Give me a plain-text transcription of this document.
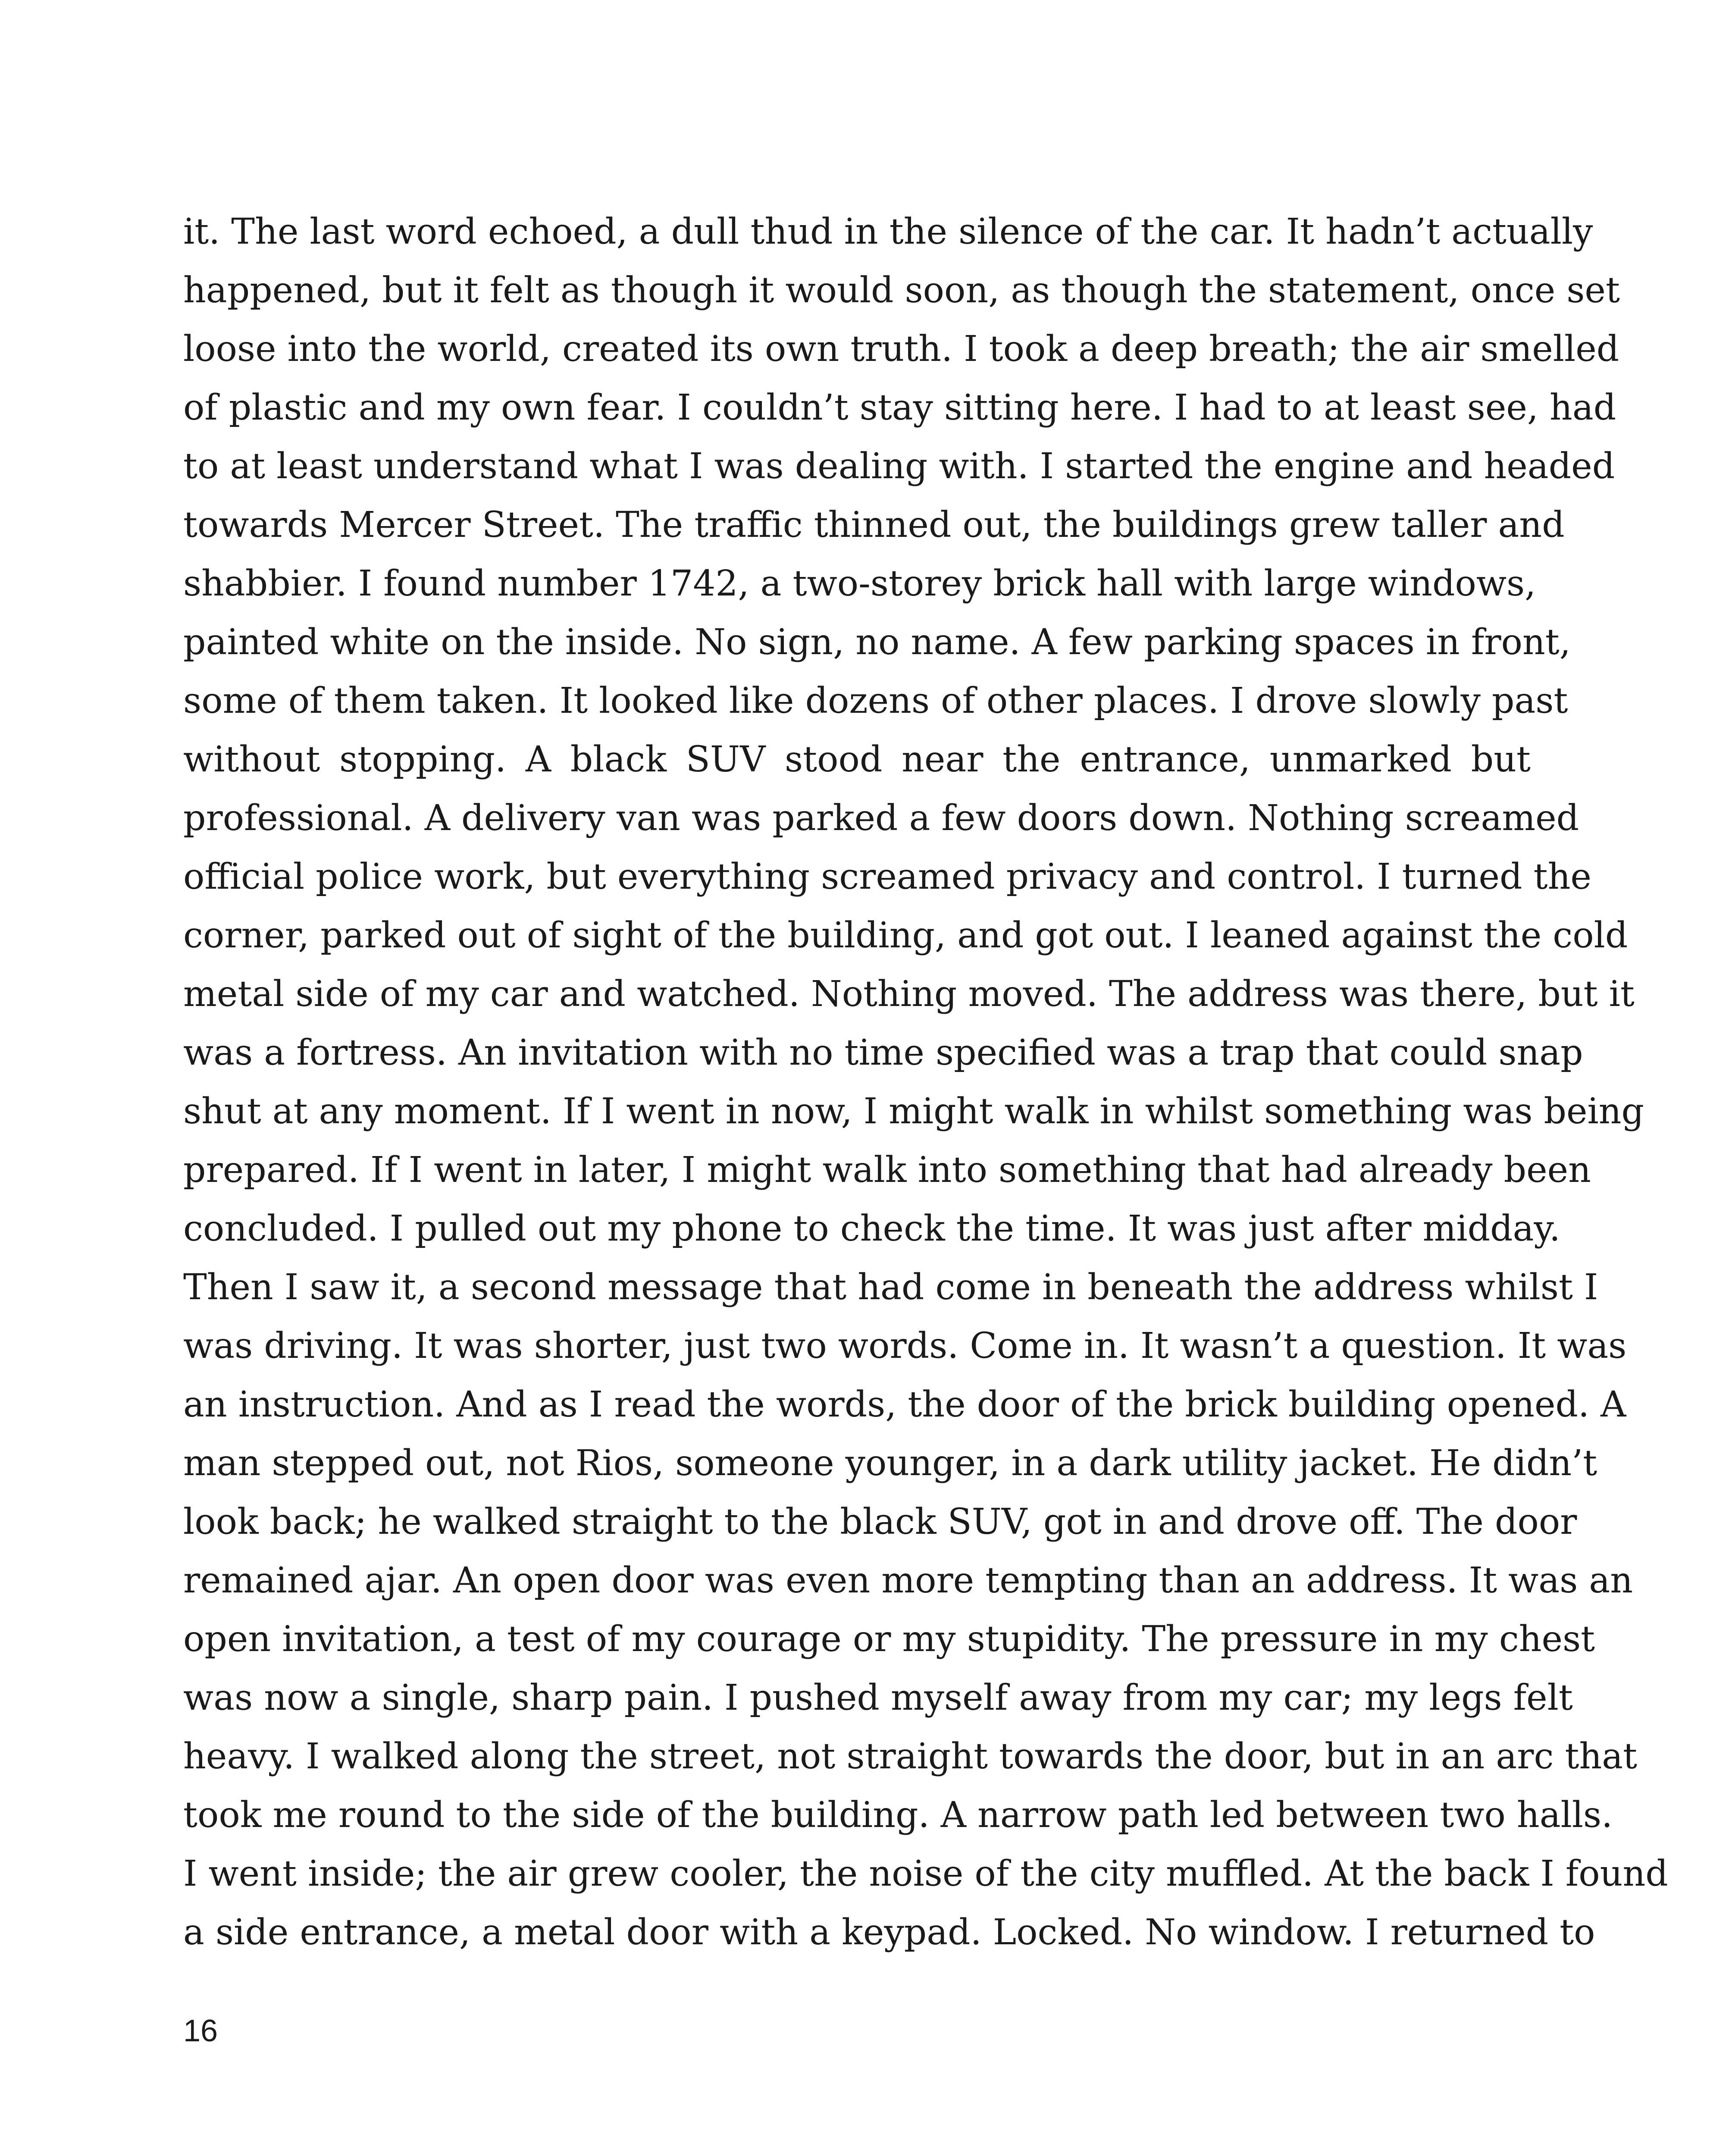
it. The last word echoed, a dull thud in the silence of the car. It hadn’t actually
happened, but it felt as though it would soon, as though the statement, once set
loose into the world, created its own truth. I took a deep breath; the air smelled
of plastic and my own fear. I couldn’t stay sitting here. I had to at least see, had
to at least understand what I was dealing with. I started the engine and headed
towards Mercer Street. The traffic thinned out, the buildings grew taller and
shabbier. I found number 1742, a two-storey brick hall with large windows,
painted white on the inside. No sign, no name. A few parking spaces in front,
some of them taken. It looked like dozens of other places. I drove slowly past
without stopping. A black SUV stood near the entrance, unmarked but
professional. A delivery van was parked a few doors down. Nothing screamed
official police work, but everything screamed privacy and control. I turned the
corner, parked out of sight of the building, and got out. I leaned against the cold
metal side of my car and watched. Nothing moved. The address was there, but it
was a fortress. An invitation with no time specified was a trap that could snap
shut at any moment. If I went in now, I might walk in whilst something was being
prepared. If I went in later, I might walk into something that had already been
concluded. I pulled out my phone to check the time. It was just after midday.
Then I saw it, a second message that had come in beneath the address whilst I
was driving. It was shorter, just two words. Come in. It wasn’t a question. It was
an instruction. And as I read the words, the door of the brick building opened. A
man stepped out, not Rios, someone younger, in a dark utility jacket. He didn’t
look back; he walked straight to the black SUV, got in and drove off. The door
remained ajar. An open door was even more tempting than an address. It was an
open invitation, a test of my courage or my stupidity. The pressure in my chest
was now a single, sharp pain. I pushed myself away from my car; my legs felt
heavy. I walked along the street, not straight towards the door, but in an arc that
took me round to the side of the building. A narrow path led between two halls.
I went inside; the air grew cooler, the noise of the city muffled. At the back I found
a side entrance, a metal door with a keypad. Locked. No window. I returned to
16
